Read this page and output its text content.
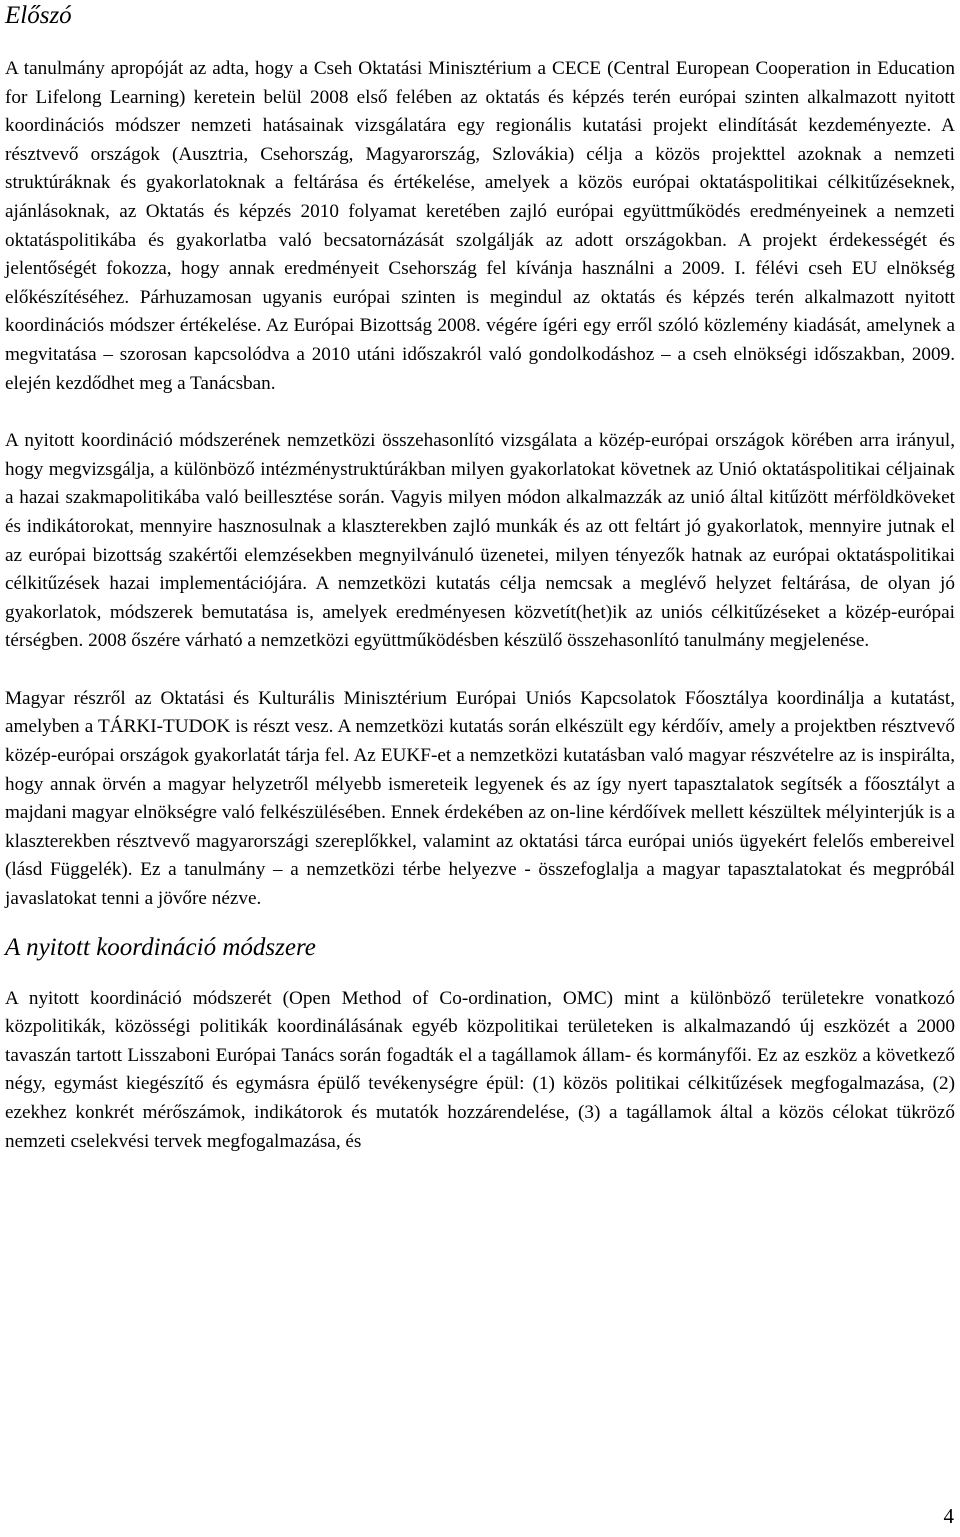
Előszó

A tanulmány apropóját az adta, hogy a Cseh Oktatási Minisztérium a CECE (Central European Cooperation in Education for Lifelong Learning) keretein belül 2008 első felében az oktatás és képzés terén európai szinten alkalmazott nyitott koordinációs módszer nemzeti hatásainak vizsgálatára egy regionális kutatási projekt elindítását kezdeményezte. A résztvevő országok (Ausztria, Csehország, Magyarország, Szlovákia) célja a közös projekttel azoknak a nemzeti struktúráknak és gyakorlatoknak a feltárása és értékelése, amelyek a közös európai oktatáspolitikai célkitűzéseknek, ajánlásoknak, az Oktatás és képzés 2010 folyamat keretében zajló európai együttműködés eredményeinek a nemzeti oktatáspolitikába és gyakorlatba való becsatornázását szolgálják az adott országokban. A projekt érdekességét és jelentőségét fokozza, hogy annak eredményeit Csehország fel kívánja használni a 2009. I. félévi cseh EU elnökség előkészítéséhez. Párhuzamosan ugyanis európai szinten is megindul az oktatás és képzés terén alkalmazott nyitott koordinációs módszer értékelése. Az Európai Bizottság 2008. végére ígéri egy erről szóló közlemény kiadását, amelynek a megvitatása – szorosan kapcsolódva a 2010 utáni időszakról való gondolkodáshoz – a cseh elnökségi időszakban, 2009. elején kezdődhet meg a Tanácsban.

A nyitott koordináció módszerének nemzetközi összehasonlító vizsgálata a közép-európai országok körében arra irányul, hogy megvizsgálja, a különböző intézménystruktúrákban milyen gyakorlatokat követnek az Unió oktatáspolitikai céljainak a hazai szakmapolitikába való beillesztése során. Vagyis milyen módon alkalmazzák az unió által kitűzött mérföldköveket és indikátorokat, mennyire hasznosulnak a klaszterekben zajló munkák és az ott feltárt jó gyakorlatok, mennyire jutnak el az európai bizottság szakértői elemzésekben megnyilvánuló üzenetei, milyen tényezők hatnak az európai oktatáspolitikai célkitűzések hazai implementációjára. A nemzetközi kutatás célja nemcsak a meglévő helyzet feltárása, de olyan jó gyakorlatok, módszerek bemutatása is, amelyek eredményesen közvetít(het)ik az uniós célkitűzéseket a közép-európai térségben. 2008 őszére várható a nemzetközi együttműködésben készülő összehasonlító tanulmány megjelenése.

Magyar részről az Oktatási és Kulturális Minisztérium Európai Uniós Kapcsolatok Főosztálya koordinálja a kutatást, amelyben a TÁRKI-TUDOK is részt vesz. A nemzetközi kutatás során elkészült egy kérdőív, amely a projektben résztvevő közép-európai országok gyakorlatát tárja fel. Az EUKF-et a nemzetközi kutatásban való magyar részvételre az is inspirálta, hogy annak örvén a magyar helyzetről mélyebb ismereteik legyenek és az így nyert tapasztalatok segítsék a főosztályt a majdani magyar elnökségre való felkészülésében. Ennek érdekében az on-line kérdőívek mellett készültek mélyinterjúk is a klaszterekben résztvevő magyarországi szereplőkkel, valamint az oktatási tárca európai uniós ügyekért felelős embereivel (lásd Függelék). Ez a tanulmány – a nemzetközi térbe helyezve - összefoglalja a magyar tapasztalatokat és megpróbál javaslatokat tenni a jövőre nézve.

A nyitott koordináció módszere

A nyitott koordináció módszerét (Open Method of Co-ordination, OMC) mint a különböző területekre vonatkozó közpolitikák, közösségi politikák koordinálásának egyéb közpolitikai területeken is alkalmazandó új eszközét a 2000 tavaszán tartott Lisszaboni Európai Tanács során fogadták el a tagállamok állam- és kormányfői. Ez az eszköz a következő négy, egymást kiegészítő és egymásra épülő tevékenységre épül: (1) közös politikai célkitűzések megfogalmazása, (2) ezekhez konkrét mérőszámok, indikátorok és mutatók hozzárendelése, (3) a tagállamok által a közös célokat tükröző nemzeti cselekvési tervek megfogalmazása, és

4
